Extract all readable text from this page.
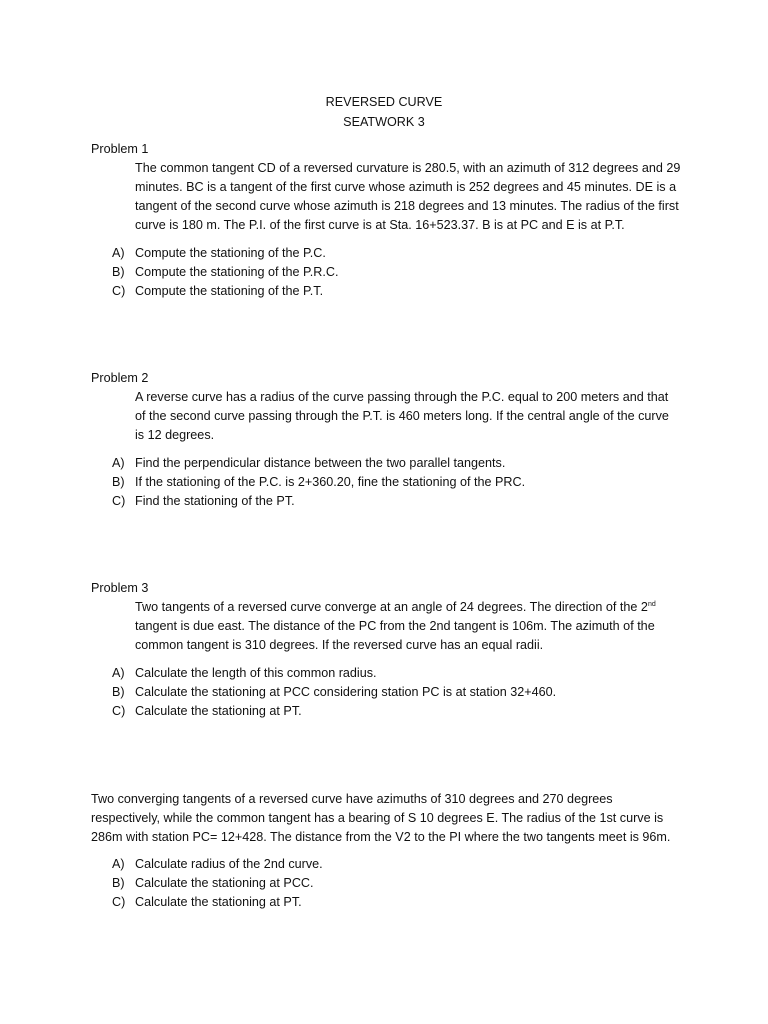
REVERSED CURVE
SEATWORK 3
Problem 1
The common tangent CD of a reversed curvature is 280.5, with an azimuth of 312 degrees and 29 minutes. BC is a tangent of the first curve whose azimuth is 252 degrees and 45 minutes. DE is a tangent of the second curve whose azimuth is 218 degrees and 13 minutes. The radius of the first curve is 180 m. The P.I. of the first curve is at Sta. 16+523.37. B is at PC and E is at P.T.
A) Compute the stationing of the P.C.
B) Compute the stationing of the P.R.C.
C) Compute the stationing of the P.T.
Problem 2
A reverse curve has a radius of the curve passing through the P.C. equal to 200 meters and that of the second curve passing through the P.T. is 460 meters long. If the central angle of the curve is 12 degrees.
A) Find the perpendicular distance between the two parallel tangents.
B) If the stationing of the P.C. is 2+360.20, fine the stationing of the PRC.
C) Find the stationing of the PT.
Problem 3
Two tangents of a reversed curve converge at an angle of 24 degrees. The direction of the 2nd tangent is due east. The distance of the PC from the 2nd tangent is 106m. The azimuth of the common tangent is 310 degrees. If the reversed curve has an equal radii.
A) Calculate the length of this common radius.
B) Calculate the stationing at PCC considering station PC is at station 32+460.
C) Calculate the stationing at PT.
Two converging tangents of a reversed curve have azimuths of 310 degrees and 270 degrees respectively, while the common tangent has a bearing of S 10 degrees E. The radius of the 1st curve is 286m with station PC= 12+428. The distance from the V2 to the PI where the two tangents meet is 96m.
A) Calculate radius of the 2nd curve.
B) Calculate the stationing at PCC.
C) Calculate the stationing at PT.
